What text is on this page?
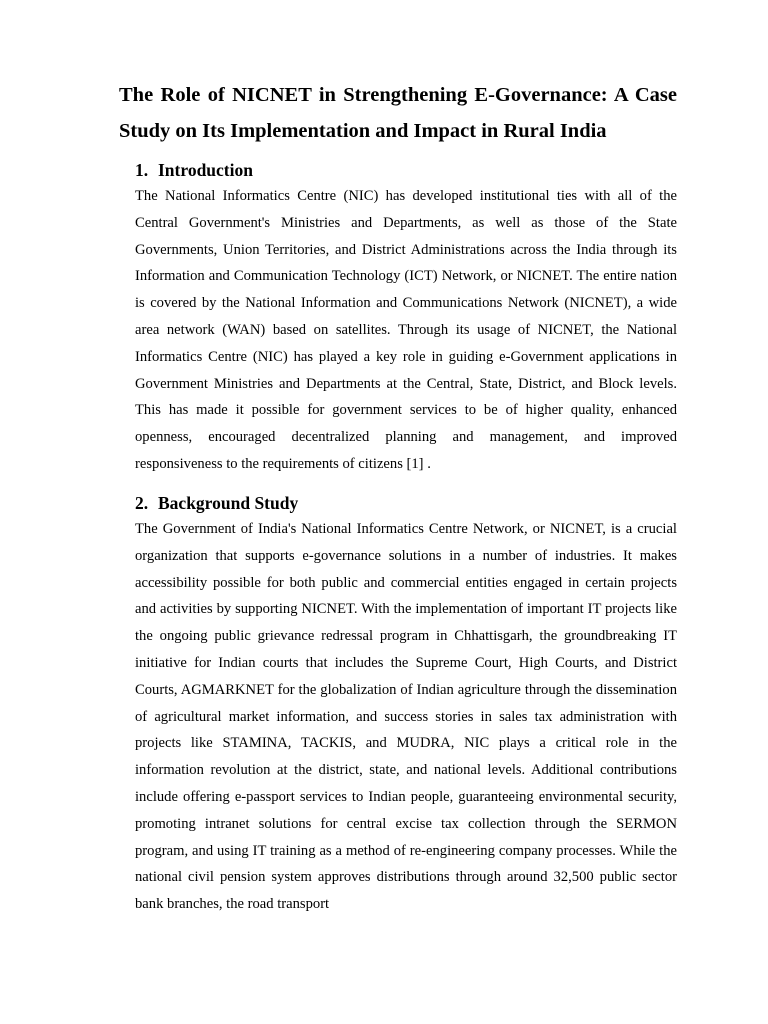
The Role of NICNET in Strengthening E-Governance: A Case Study on Its Implementation and Impact in Rural India
1. Introduction

The National Informatics Centre (NIC) has developed institutional ties with all of the Central Government's Ministries and Departments, as well as those of the State Governments, Union Territories, and District Administrations across the India through its Information and Communication Technology (ICT) Network, or NICNET. The entire nation is covered by the National Information and Communications Network (NICNET), a wide area network (WAN) based on satellites. Through its usage of NICNET, the National Informatics Centre (NIC) has played a key role in guiding e-Government applications in Government Ministries and Departments at the Central, State, District, and Block levels. This has made it possible for government services to be of higher quality, enhanced openness, encouraged decentralized planning and management, and improved responsiveness to the requirements of citizens [1] .

2. Background Study

The Government of India's National Informatics Centre Network, or NICNET, is a crucial organization that supports e-governance solutions in a number of industries. It makes accessibility possible for both public and commercial entities engaged in certain projects and activities by supporting NICNET. With the implementation of important IT projects like the ongoing public grievance redressal program in Chhattisgarh, the groundbreaking IT initiative for Indian courts that includes the Supreme Court, High Courts, and District Courts, AGMARKNET for the globalization of Indian agriculture through the dissemination of agricultural market information, and success stories in sales tax administration with projects like STAMINA, TACKIS, and MUDRA, NIC plays a critical role in the information revolution at the district, state, and national levels. Additional contributions include offering e-passport services to Indian people, guaranteeing environmental security, promoting intranet solutions for central excise tax collection through the SERMON program, and using IT training as a method of re-engineering company processes. While the national civil pension system approves distributions through around 32,500 public sector bank branches, the road transport
